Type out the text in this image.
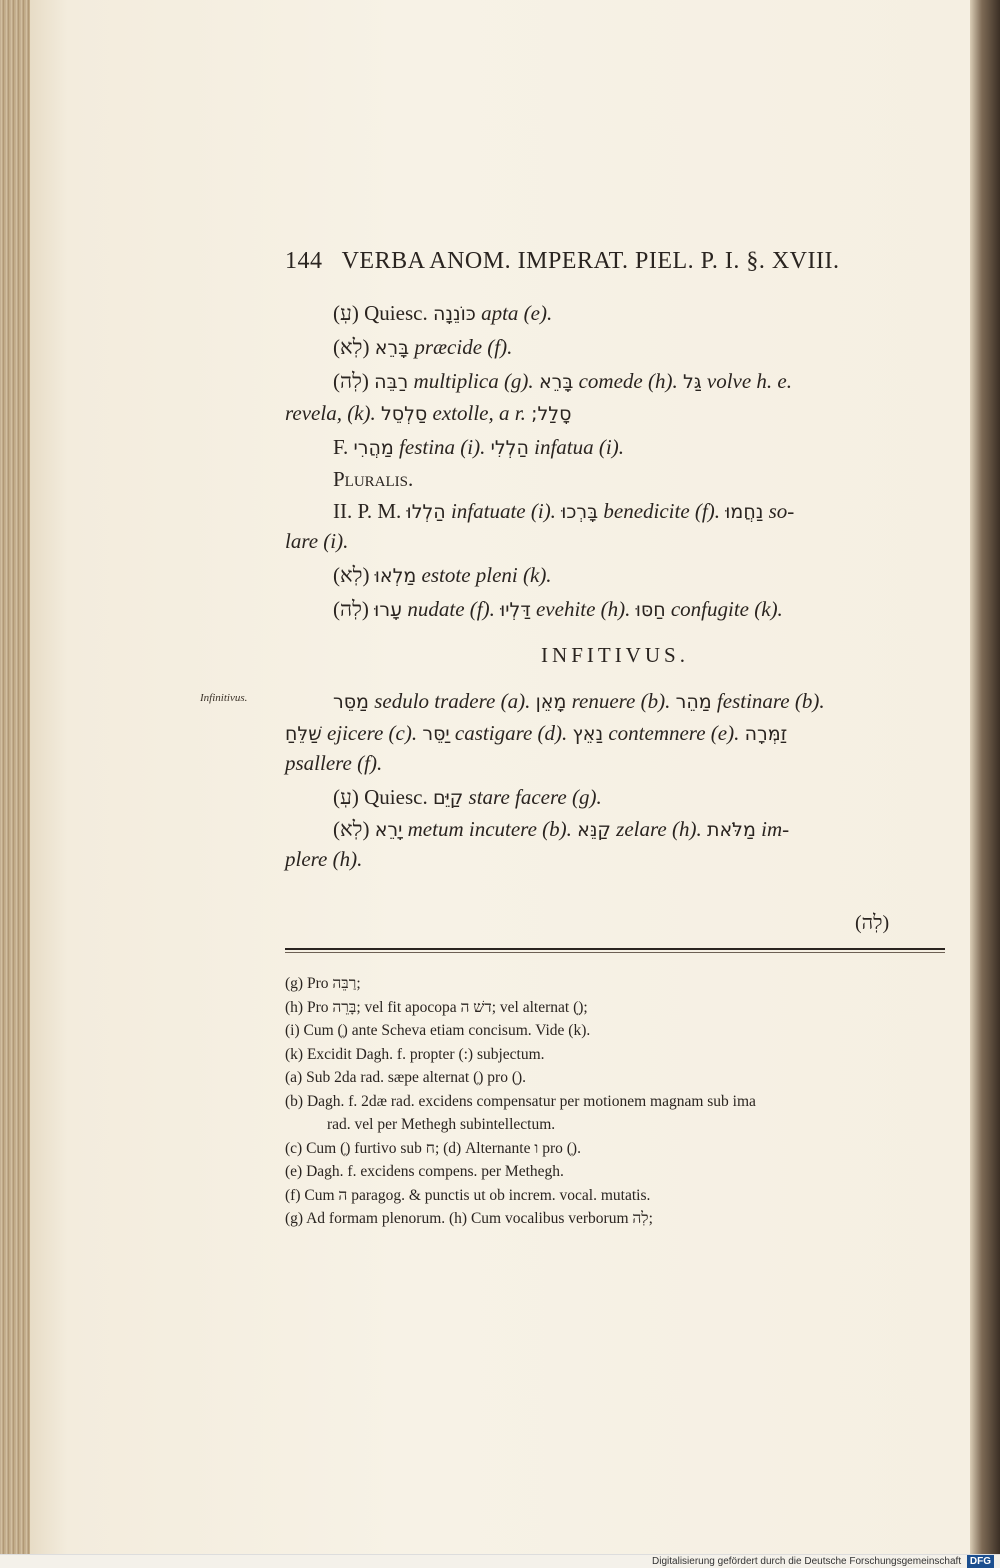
144 VERBA ANOM. IMPERAT. PIEL. P. I. §. XVIII.
(עֽ) Quiesc. כּוֹנֵנָה apta (e).
(לֽא) בָּרֵא præcide (f).
(לֽה) רַבֵּה multiplica (g). בָּרֵא comede (h). גַּל volve h. e.
revela, (k). סַלְסֵל extolle, a r. סָלַל;
F. מַהֲרִי festina (i). הַלְלִי infatua (i).
Pluralis.
II. P. M. הַלְלוּ infatuate (i). בָּרְכוּ benedicite (f). נַחֲמוּ so-
lare (i).
(לֽא) מַלְאוּ estote pleni (k).
(לֽה) עָרוּ nudate (f). דַּלְיוּ evehite (h). חַסּוּ confugite (k).
INFITIVUS.
Infinitivus.	מַסֵּר sedulo tradere (a). מָאֵן renuere (b). מַהֵר festinare (b).
שַׁלֵּחַ ejicere (c). יַסֵּר castigare (d). נַאֵץ contemnere (e). זַמְּרָה
psallere (f).
(עֽ) Quiesc. קַיֵּם stare facere (g).
(לֽא) יָרֵא metum incutere (b). קַנֵּא zelare (h). מַלֹּאת im-
plere (h).
(לֽה)
(g) Pro רַבֵּה;
(h) Pro בָּרֵה; vel fit apocopa דשׁ ה; vel alternat (ֵ);
(i) Cum (ַ) ante Scheva etiam concisum. Vide (k).
(k) Excidit Dagh. f. propter (:) subjectum.
(a) Sub 2da rad. sæpe alternat (ַ) pro (ֵ).
(b) Dagh. f. 2dæ rad. excidens compensatur per motionem magnam sub ima
rad. vel per Methegh subintellectum.
(c) Cum (ַ) furtivo sub ח; (d) Alternante ו pro (ַ).
(e) Dagh. f. excidens compens. per Methegh.
(f) Cum ה paragog. & punctis ut ob increm. vocal. mutatis.
(g) Ad formam plenorum. (h) Cum vocalibus verborum לֽה;
Digitalisierung gefördert durch die Deutsche Forschungsgemeinschaft DFG
